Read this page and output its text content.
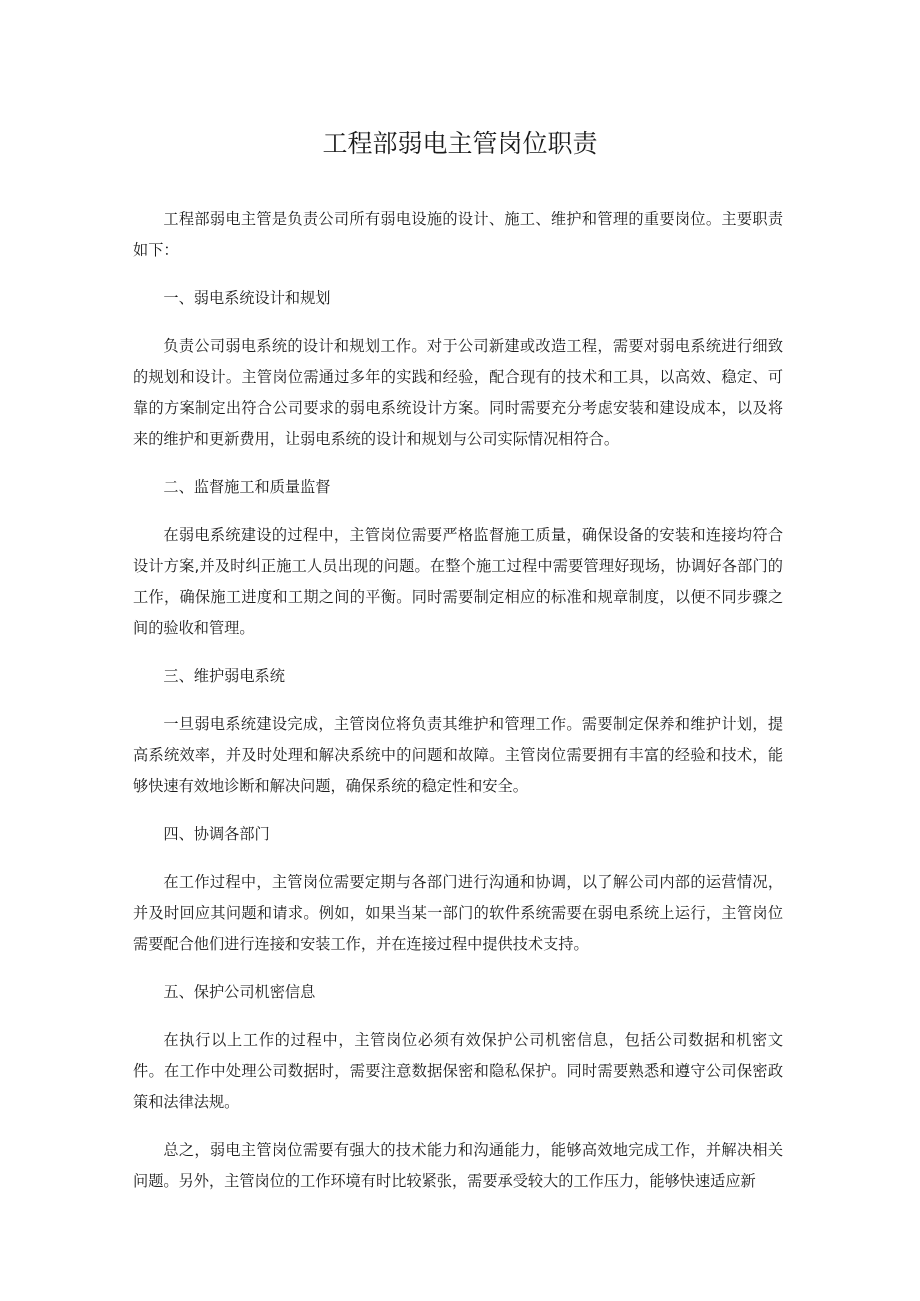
工程部弱电主管岗位职责

工程部弱电主管是负责公司所有弱电设施的设计、施工、维护和管理的重要岗位。主要职责如下：

一、弱电系统设计和规划

负责公司弱电系统的设计和规划工作。对于公司新建或改造工程，需要对弱电系统进行细致的规划和设计。主管岗位需通过多年的实践和经验，配合现有的技术和工具，以高效、稳定、可靠的方案制定出符合公司要求的弱电系统设计方案。同时需要充分考虑安装和建设成本，以及将来的维护和更新费用，让弱电系统的设计和规划与公司实际情况相符合。

二、监督施工和质量监督

在弱电系统建设的过程中，主管岗位需要严格监督施工质量，确保设备的安装和连接均符合设计方案,并及时纠正施工人员出现的问题。在整个施工过程中需要管理好现场，协调好各部门的工作，确保施工进度和工期之间的平衡。同时需要制定相应的标准和规章制度，以便不同步骤之间的验收和管理。

三、维护弱电系统

一旦弱电系统建设完成，主管岗位将负责其维护和管理工作。需要制定保养和维护计划，提高系统效率，并及时处理和解决系统中的问题和故障。主管岗位需要拥有丰富的经验和技术，能够快速有效地诊断和解决问题，确保系统的稳定性和安全。

四、协调各部门

在工作过程中，主管岗位需要定期与各部门进行沟通和协调，以了解公司内部的运营情况，并及时回应其问题和请求。例如，如果当某一部门的软件系统需要在弱电系统上运行，主管岗位需要配合他们进行连接和安装工作，并在连接过程中提供技术支持。

五、保护公司机密信息

在执行以上工作的过程中，主管岗位必须有效保护公司机密信息，包括公司数据和机密文件。在工作中处理公司数据时，需要注意数据保密和隐私保护。同时需要熟悉和遵守公司保密政策和法律法规。

总之，弱电主管岗位需要有强大的技术能力和沟通能力，能够高效地完成工作，并解决相关问题。另外，主管岗位的工作环境有时比较紧张，需要承受较大的工作压力，能够快速适应新
